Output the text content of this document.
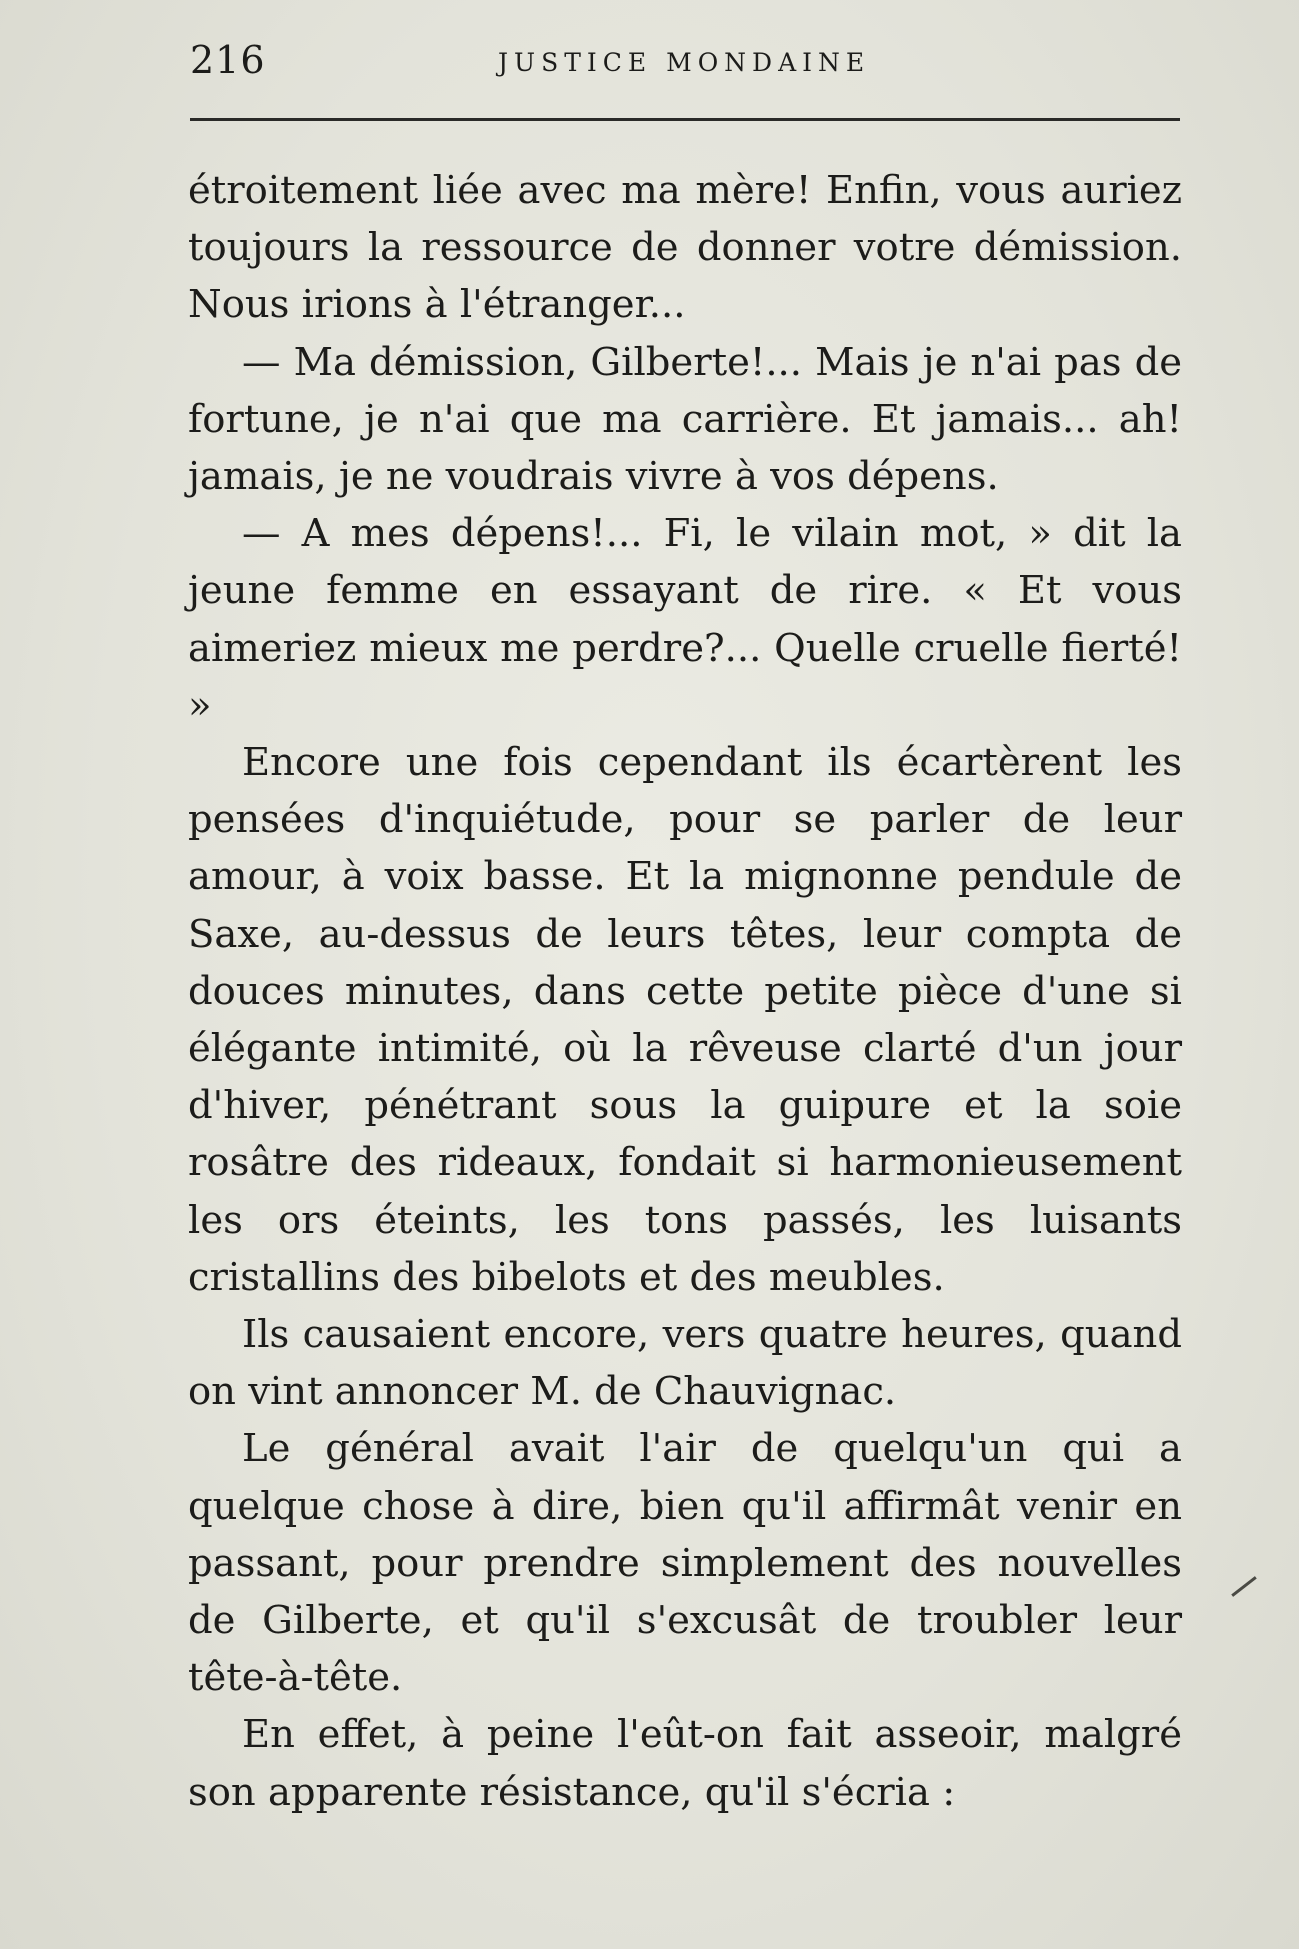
216	JUSTICE MONDAINE

étroitement liée avec ma mère! Enfin, vous auriez toujours la ressource de donner votre démission. Nous irions à l'étranger...

— Ma démission, Gilberte!... Mais je n'ai pas de fortune, je n'ai que ma carrière. Et jamais... ah! jamais, je ne voudrais vivre à vos dépens.

— A mes dépens!... Fi, le vilain mot, » dit la jeune femme en essayant de rire. « Et vous aimeriez mieux me perdre?... Quelle cruelle fierté! »

Encore une fois cependant ils écartèrent les pensées d'inquiétude, pour se parler de leur amour, à voix basse. Et la mignonne pendule de Saxe, au-dessus de leurs têtes, leur compta de douces minutes, dans cette petite pièce d'une si élégante intimité, où la rêveuse clarté d'un jour d'hiver, pénétrant sous la guipure et la soie rosâtre des rideaux, fondait si harmonieusement les ors éteints, les tons passés, les luisants cristallins des bibelots et des meubles.

Ils causaient encore, vers quatre heures, quand on vint annoncer M. de Chauvignac.

Le général avait l'air de quelqu'un qui a quelque chose à dire, bien qu'il affirmât venir en passant, pour prendre simplement des nouvelles de Gilberte, et qu'il s'excusât de troubler leur tête-à-tête.

En effet, à peine l'eût-on fait asseoir, malgré son apparente résistance, qu'il s'écria :
